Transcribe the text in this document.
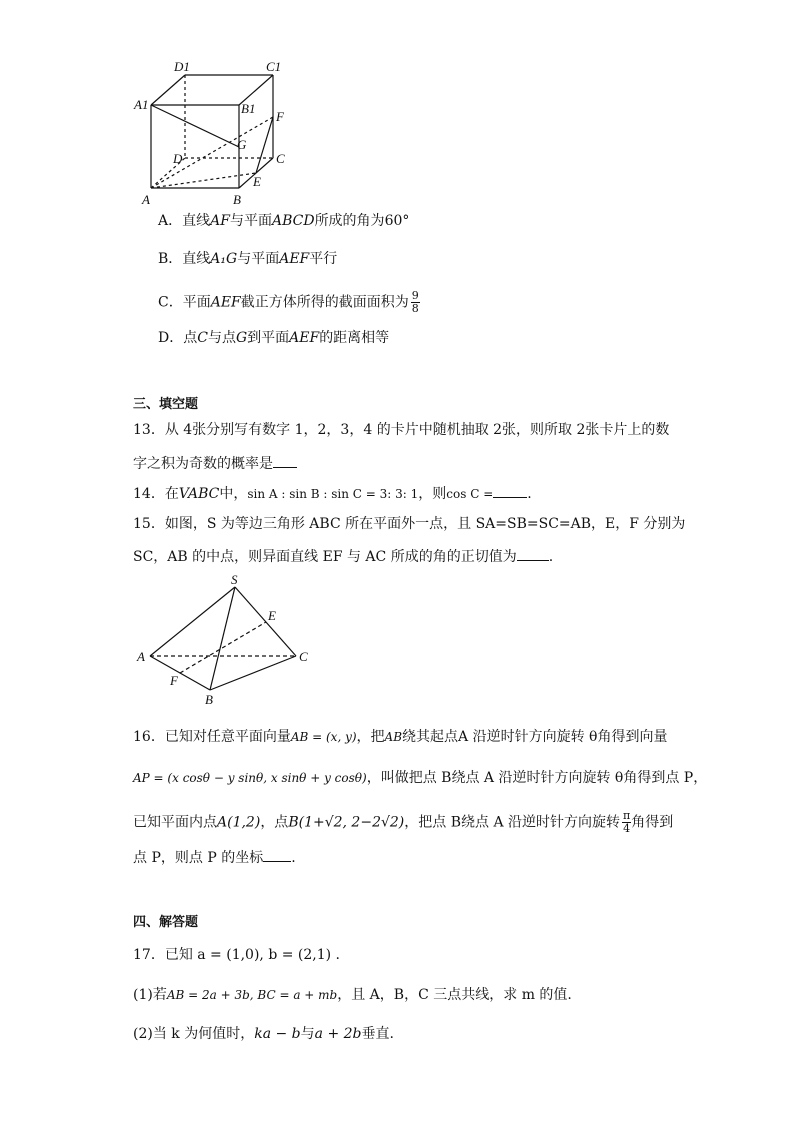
D1	C1
A1	B1
F
G
D	C
E
A	B
A．直线AF与平面ABCD所成的角为60°
B．直线A₁G与平面AEF平行
C．平面AEF截正方体所得的截面面积为 $\frac{9}{8}$
D．点C与点G到平面AEF的距离相等
三、填空题
13．从 4张分别写有数字 1，2，3，4 的卡片中随机抽取 2张，则所取 2张卡片上的数
字之积为奇数的概率是
14．在VABC中，sin A : sin B : sin C = 3: 3: 1，则cos C = .
15．如图，S 为等边三角形 ABC 所在平面外一点，且 SA=SB=SC=AB，E，F 分别为
SC，AB 的中点，则异面直线 EF 与 AC 所成的角的正切值为 .
S
E
A	C
F
B
16．已知对任意平面向量AB = (x, y)，把AB绕其起点A 沿逆时针方向旋转 θ角得到向量
AP = (x cosθ − y sinθ, x sinθ + y cosθ)，叫做把点 B绕点 A 沿逆时针方向旋转 θ角得到点 P，
已知平面内点A(1,2)，点B(1+√2, 2−2√2)，把点 B绕点 A 沿逆时针方向旋转 $\frac{\pi}{4}$ 角得到
点 P，则点 P 的坐标 .
四、解答题
17．已知 a = (1,0), b = (2,1) .
(1)若AB = 2a + 3b, BC = a + mb，且 A，B，C 三点共线，求 m 的值.
(2)当 k 为何值时，ka − b与a + 2b垂直.
